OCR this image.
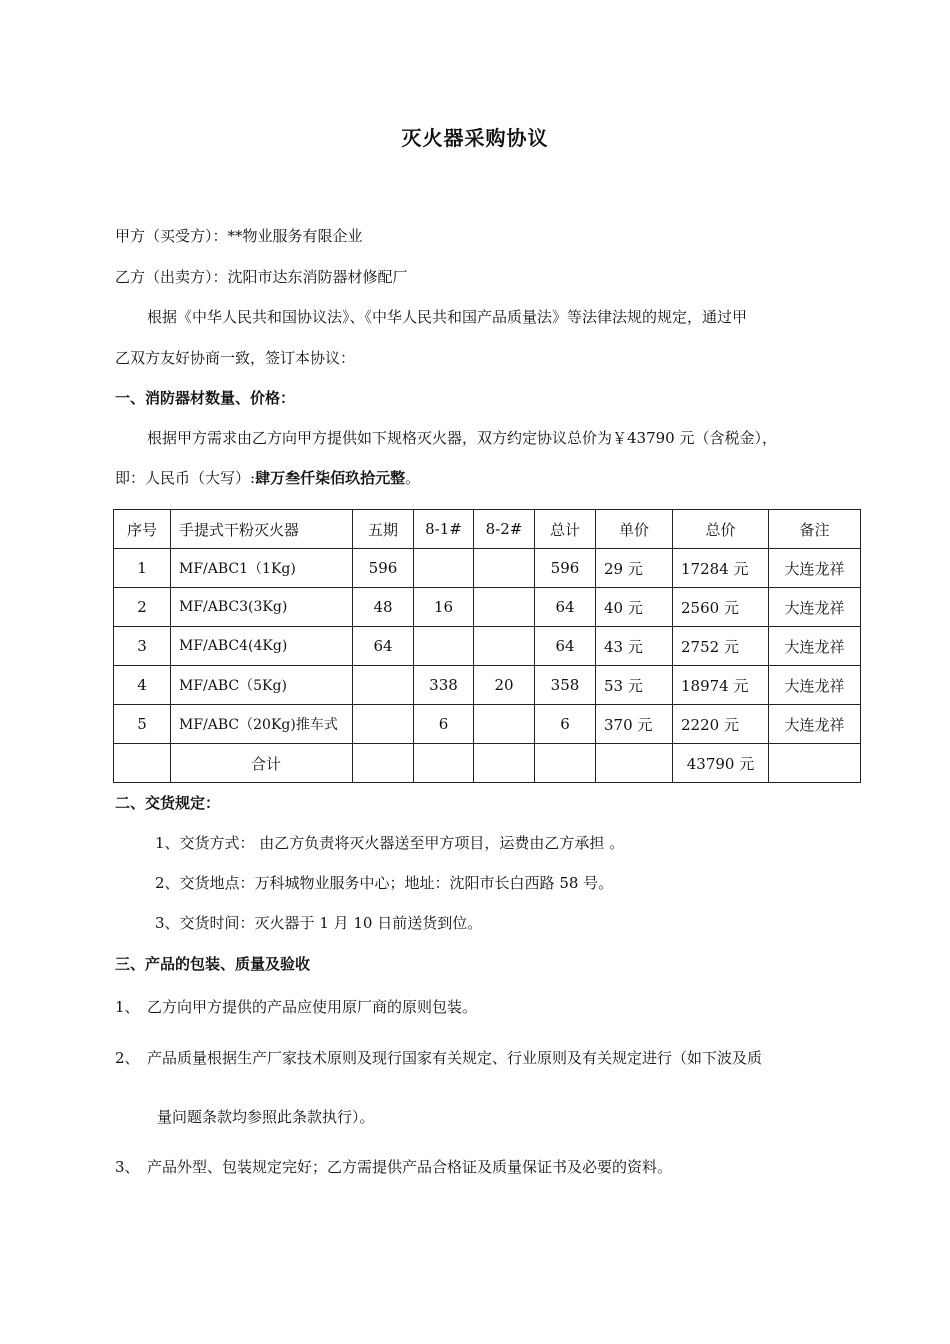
灭火器采购协议
甲方（买受方）：**物业服务有限企业
乙方（出卖方）：沈阳市达东消防器材修配厂
根据《中华人民共和国协议法》、《中华人民共和国产品质量法》等法律法规的规定，通过甲
乙双方友好协商一致，签订本协议：
一、消防器材数量、价格：
根据甲方需求由乙方向甲方提供如下规格灭火器，双方约定协议总价为￥43790 元（含税金），
即：人民币（大写）:肆万叁仟柒佰玖拾元整。
序号	手提式干粉灭火器	五期	8-1#	8-2#	总计	单价	总价	备注
1	MF/ABC1（1Kg)	596			596	29 元	17284 元	大连龙祥
2	MF/ABC3(3Kg)	48	16		64	40 元	2560 元	大连龙祥
3	MF/ABC4(4Kg)	64			64	43 元	2752 元	大连龙祥
4	MF/ABC（5Kg)		338	20	358	53 元	18974 元	大连龙祥
5	MF/ABC（20Kg)推车式		6		6	370 元	2220 元	大连龙祥
	合计						43790 元	
二、交货规定：
1、交货方式： 由乙方负责将灭火器送至甲方项目，运费由乙方承担 。
2、交货地点：万科城物业服务中心；地址：沈阳市长白西路 58 号。
3、交货时间：灭火器于 1 月 10 日前送货到位。
三、产品的包装、质量及验收
1、 乙方向甲方提供的产品应使用原厂商的原则包装。
2、 产品质量根据生产厂家技术原则及现行国家有关规定、行业原则及有关规定进行（如下波及质
量问题条款均参照此条款执行）。
3、 产品外型、包装规定完好；乙方需提供产品合格证及质量保证书及必要的资料。
